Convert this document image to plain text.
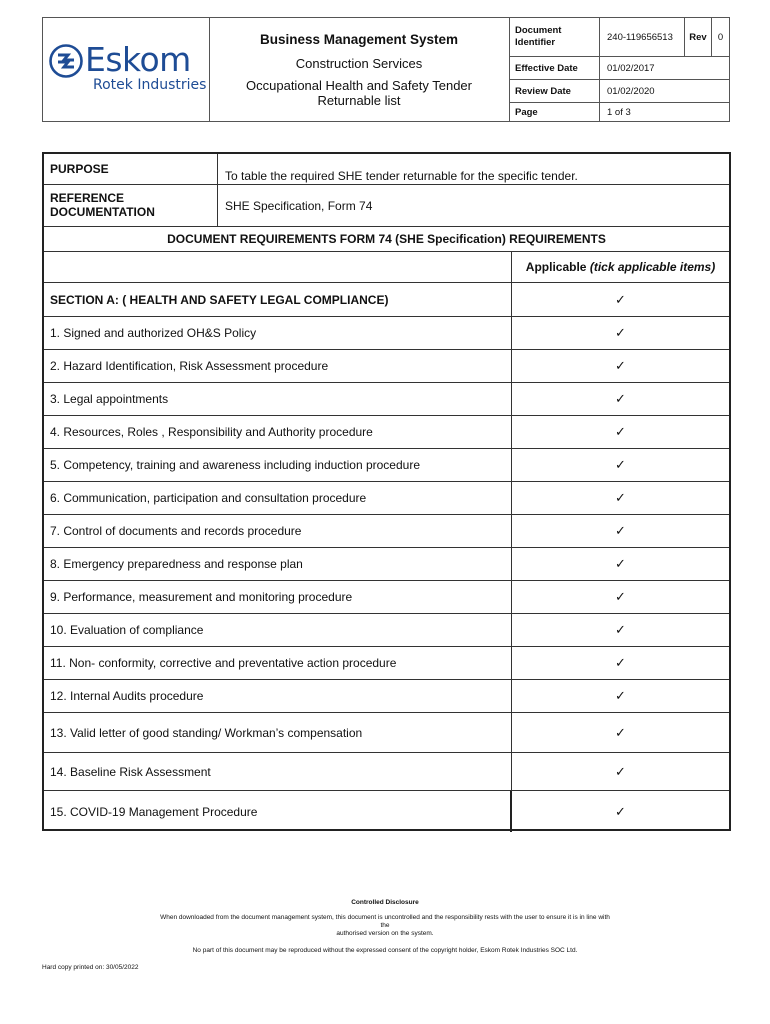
Eskom
Rotek Industries
Business Management System
Construction Services
Occupational Health and Safety Tender Returnable list
Document Identifier	240-119656513	Rev	0
Effective Date	01/02/2017
Review Date	01/02/2020
Page	1 of 3
PURPOSE	To table the required SHE tender returnable for the specific tender.
REFERENCE DOCUMENTATION	SHE Specification, Form 74
DOCUMENT REQUIREMENTS FORM 74 (SHE Specification) REQUIREMENTS
Applicable
(tick applicable items)
SECTION A: ( HEALTH AND SAFETY LEGAL COMPLIANCE)	✓
1. Signed and authorized OH&S Policy	✓
2. Hazard Identification, Risk Assessment procedure	✓
3. Legal appointments	✓
4. Resources, Roles , Responsibility and Authority procedure	✓
5. Competency, training and awareness including induction procedure	✓
6. Communication, participation and consultation procedure	✓
7. Control of documents and records procedure	✓
8. Emergency preparedness and response plan	✓
9. Performance, measurement and monitoring procedure	✓
10. Evaluation of compliance	✓
11. Non- conformity, corrective and preventative action procedure	✓
12. Internal Audits procedure	✓
13. Valid letter of good standing/ Workman’s compensation	✓
14. Baseline Risk Assessment	✓
15. COVID-19 Management Procedure	✓
Controlled Disclosure
When downloaded from the document management system, this document is uncontrolled and the responsibility rests with the user to ensure it is in line with
the
authorised version on the system.
No part of this document may be reproduced without the expressed consent of the copyright holder, Eskom Rotek Industries SOC Ltd.
Hard copy printed on: 30/05/2022
